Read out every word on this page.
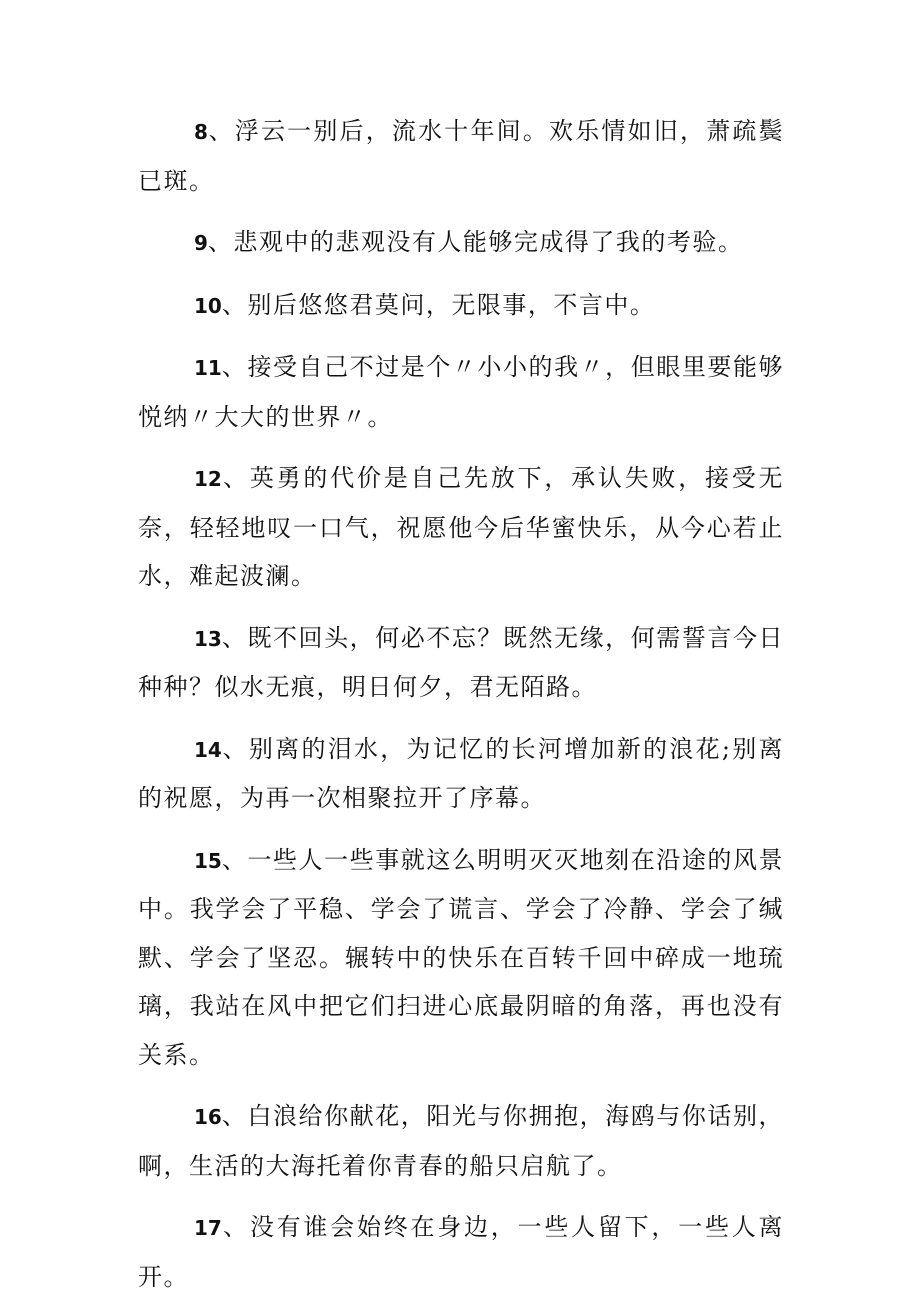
8、浮云一别后，流水十年间。欢乐情如旧，萧疏鬓已斑。

9、悲观中的悲观没有人能够完成得了我的考验。

10、别后悠悠君莫问，无限事，不言中。

11、接受自己不过是个〃小小的我〃，但眼里要能够悦纳〃大大的世界〃。

12、英勇的代价是自己先放下，承认失败，接受无奈，轻轻地叹一口气，祝愿他今后华蜜快乐，从今心若止水，难起波澜。

13、既不回头，何必不忘？既然无缘，何需誓言今日种种？似水无痕，明日何夕，君无陌路。

14、别离的泪水，为记忆的长河增加新的浪花;别离的祝愿，为再一次相聚拉开了序幕。

15、一些人一些事就这么明明灭灭地刻在沿途的风景中。我学会了平稳、学会了谎言、学会了冷静、学会了缄默、学会了坚忍。辗转中的快乐在百转千回中碎成一地琉璃，我站在风中把它们扫进心底最阴暗的角落，再也没有关系。

16、白浪给你献花，阳光与你拥抱，海鸥与你话别，啊，生活的大海托着你青春的船只启航了。

17、没有谁会始终在身边，一些人留下，一些人离开。
